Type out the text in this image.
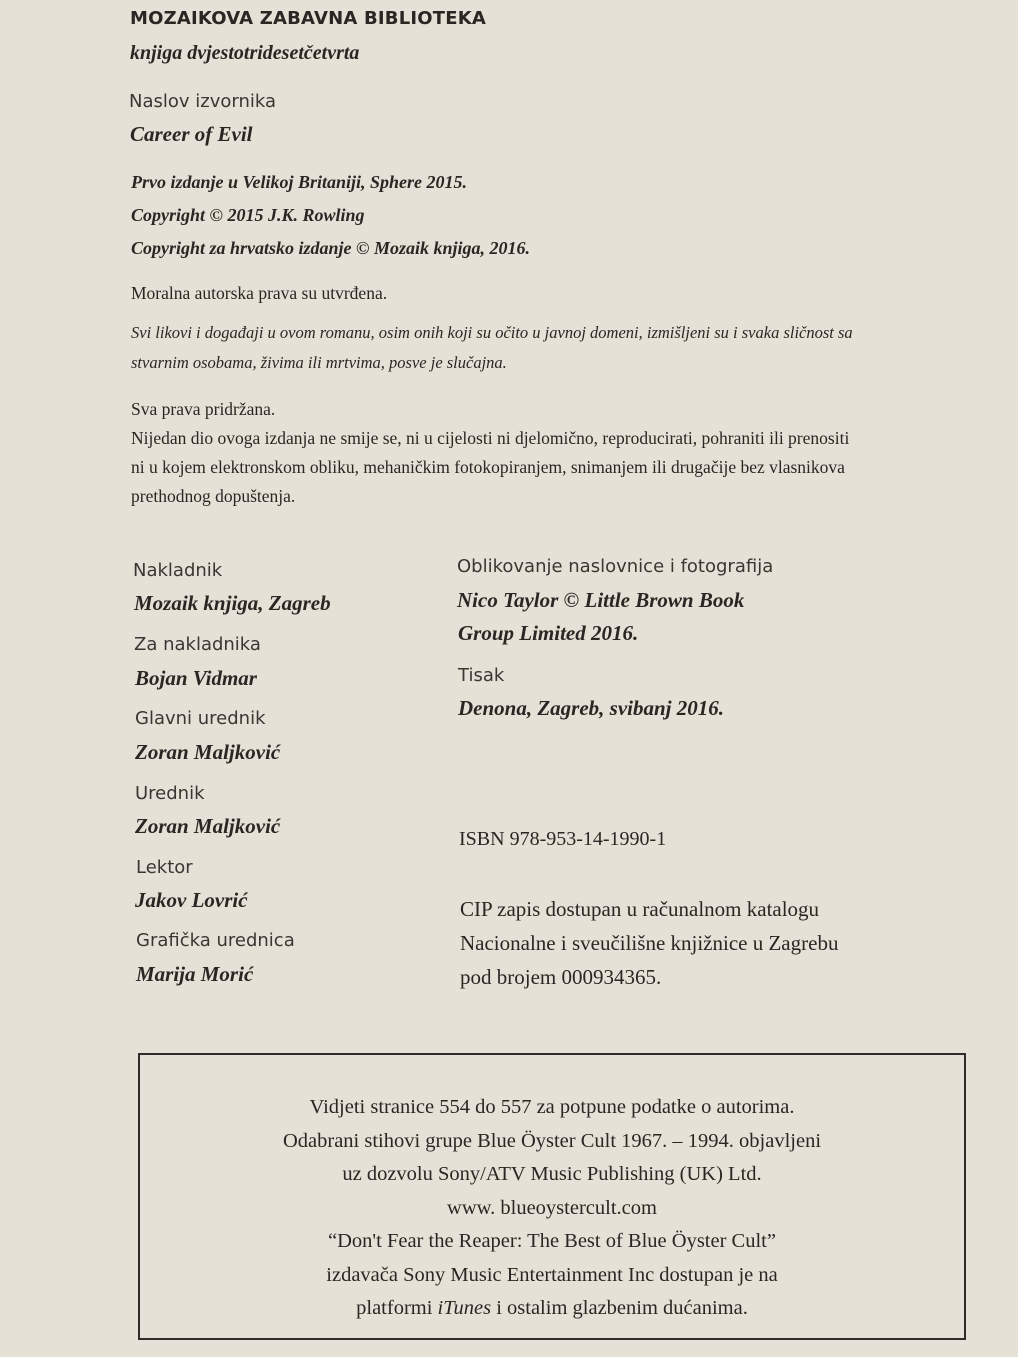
MOZAIKOVA ZABAVNA BIBLIOTEKA
knjiga dvjestotridesetčetvrta
Naslov izvornika
Career of Evil
Prvo izdanje u Velikoj Britaniji, Sphere 2015.
Copyright © 2015 J.K. Rowling
Copyright za hrvatsko izdanje © Mozaik knjiga, 2016.
Moralna autorska prava su utvrđena.
Svi likovi i događaji u ovom romanu, osim onih koji su očito u javnoj domeni, izmišljeni su i svaka sličnost sa
stvarnim osobama, živima ili mrtvima, posve je slučajna.
Sva prava pridržana.
Nijedan dio ovoga izdanja ne smije se, ni u cijelosti ni djelomično, reproducirati, pohraniti ili prenositi
ni u kojem elektronskom obliku, mehaničkim fotokopiranjem, snimanjem ili drugačije bez vlasnikova
prethodnog dopuštenja.
Nakladnik
Mozaik knjiga, Zagreb
Za nakladnika
Bojan Vidmar
Glavni urednik
Zoran Maljković
Urednik
Zoran Maljković
Lektor
Jakov Lovrić
Grafička urednica
Marija Morić
Oblikovanje naslovnice i fotografija
Nico Taylor © Little Brown Book
Group Limited 2016.
Tisak
Denona, Zagreb, svibanj 2016.
ISBN 978-953-14-1990-1
CIP zapis dostupan u računalnom katalogu
Nacionalne i sveučilišne knjižnice u Zagrebu
pod brojem 000934365.
Vidjeti stranice 554 do 557 za potpune podatke o autorima.
Odabrani stihovi grupe Blue Öyster Cult 1967. – 1994. objavljeni
uz dozvolu Sony/ATV Music Publishing (UK) Ltd.
www. blueoystercult.com
“Don't Fear the Reaper: The Best of Blue Öyster Cult”
izdavača Sony Music Entertainment Inc dostupan je na
platformi iTunes i ostalim glazbenim dućanima.
